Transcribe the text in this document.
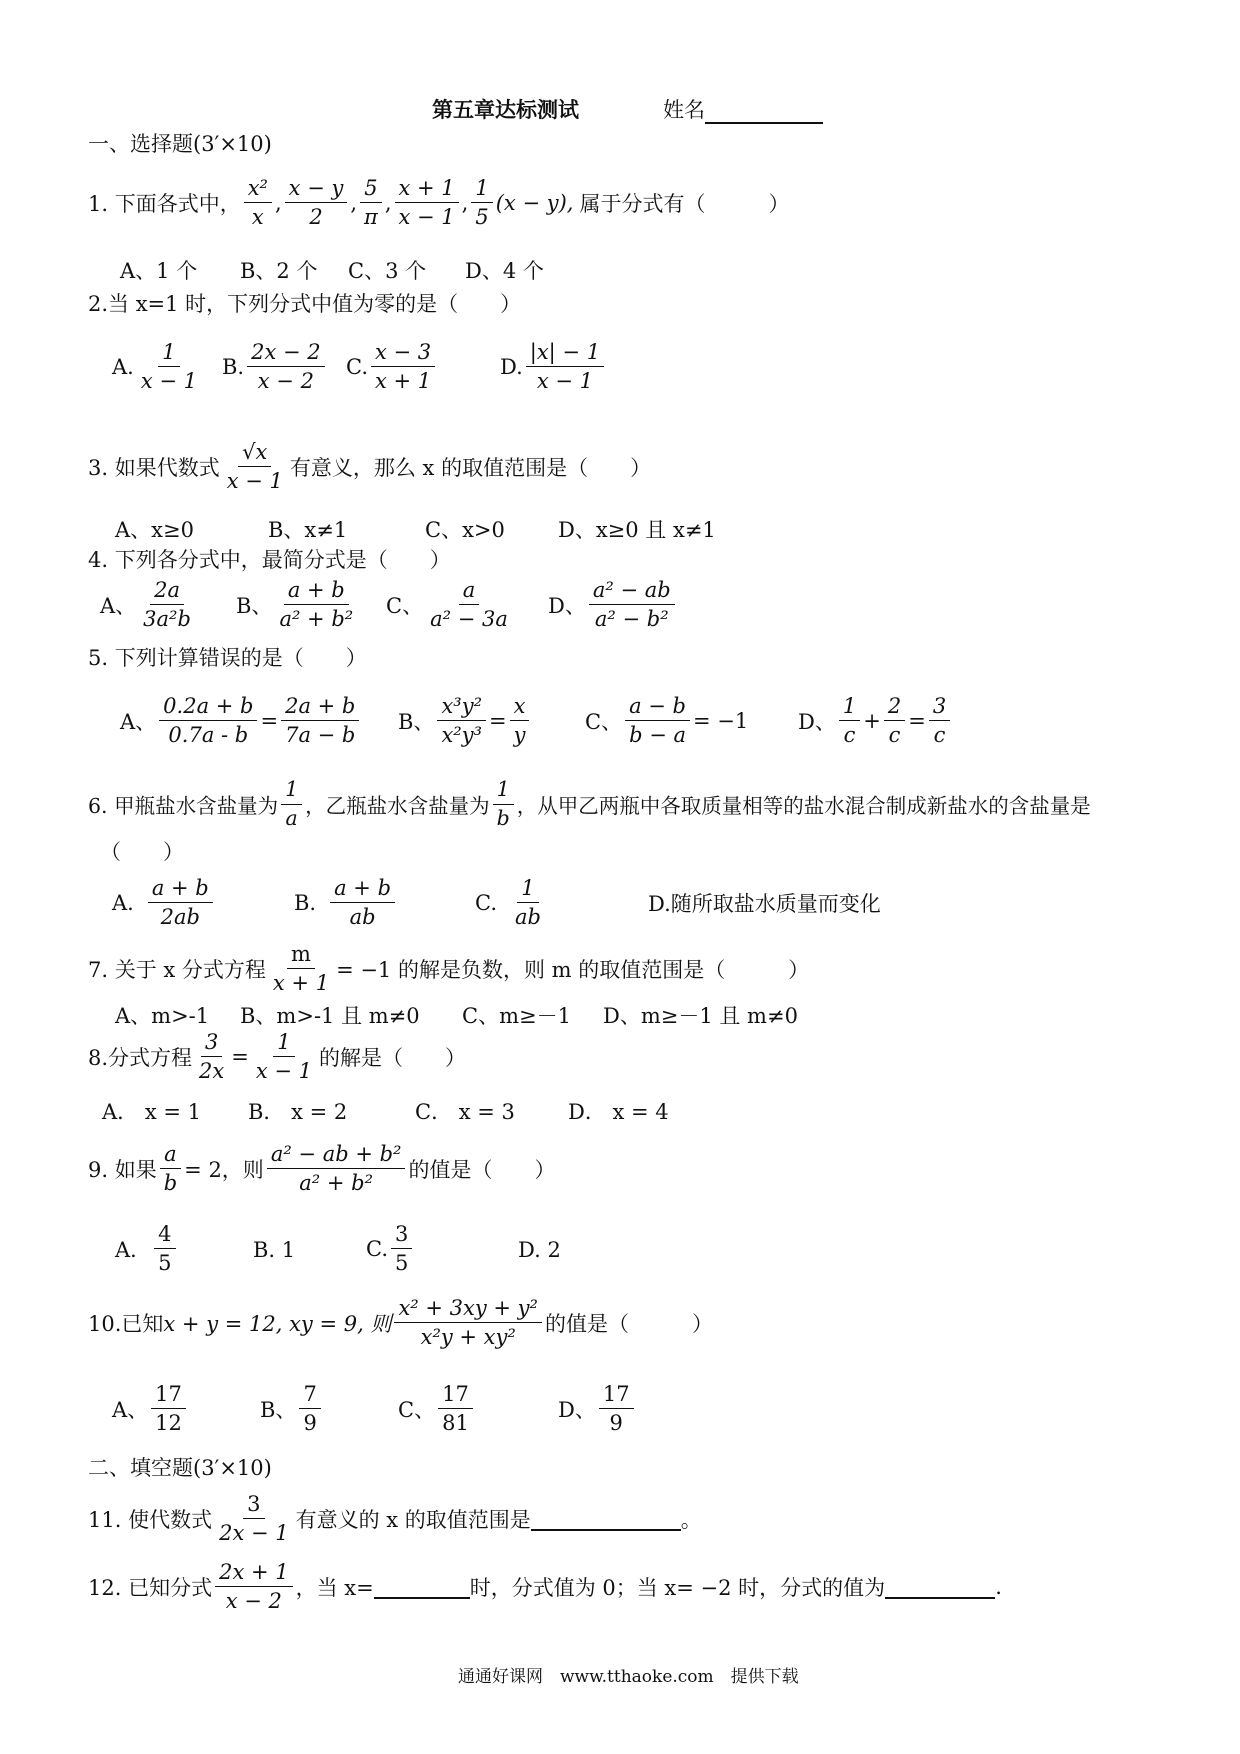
第五章达标测试	姓名
一、选择题(3′×10)
1. 下面各式中，
x²
x
,
x − y
2
,
5
π
,
x + 1
x − 1
,
1
5
(x − y), 属于分式有（　　　）
A、1 个 B、2 个 C、3 个 D、4 个
2.当 x=1 时，下列分式中值为零的是（　　）
A.
1
x − 1
B.
2x − 2
x − 2
C.
x − 3
x + 1
D.
|x| − 1
x − 1
3. 如果代数式
√x
x − 1
有意义，那么 x 的取值范围是（　　）
A、x≥0	B、x≠1	C、x>0	D、x≥0 且 x≠1
4. 下列各分式中，最简分式是（　　）
A、
2a
3a²b
B、
a + b
a² + b²
C、
a
a² − 3a
D、
a² − ab
a² − b²
5. 下列计算错误的是（　　）
A、
0.2a + b
0.7a - b
=
2a + b
7a − b
B、
x³y²
x²y³
=
x
y
C、 $\frac{a - b}{b - a} = -1$ D、
1
c
+
2
c
=
3
c
6. 甲瓶盐水含盐量为
1
a ，乙瓶盐水含盐量为
1
b ，从甲乙两瓶中各取质量相等的盐水混合制成新盐水的含盐量是
（　　）
A.
a + b
2ab
B.
a + b
ab
C.
1
ab
D.随所取盐水质量而变化
7. 关于 x 分式方程 $\frac{m}{x + 1} = -1$ 的解是负数，则 m 的取值范围是（　　　）
A、m>-1 B、m>-1 且 m≠0 C、m≥－1 D、m≥－1 且 m≠0
8.分式方程 $\frac{3}{2x} = \frac{1}{x - 1}$ 的解是（　　）
A． x = 1 B． x = 2	C． x = 3	D． x = 4
9. 如果 $\frac{a}{b} = 2$，则
a² − ab + b²
a² + b²
的值是（　　）
A．
4
5
B. 1	C.
3
5
D. 2
10.已知 x + y = 12, xy = 9, 则
x² + 3xy + y²
x²y + xy²
的值是（　　　）
A、
17
12
B、
7
9
C、
17
81
D、
17
9
二、填空题(3′×10)
11. 使代数式
3
2x − 1
有意义的 x 的取值范围是	。
12. 已知分式
2x + 1
x − 2
，当 x=	时，分式值为 0；当 x= −2 时，分式的值为	.
通通好课网　www.tthaoke.com　提供下载
